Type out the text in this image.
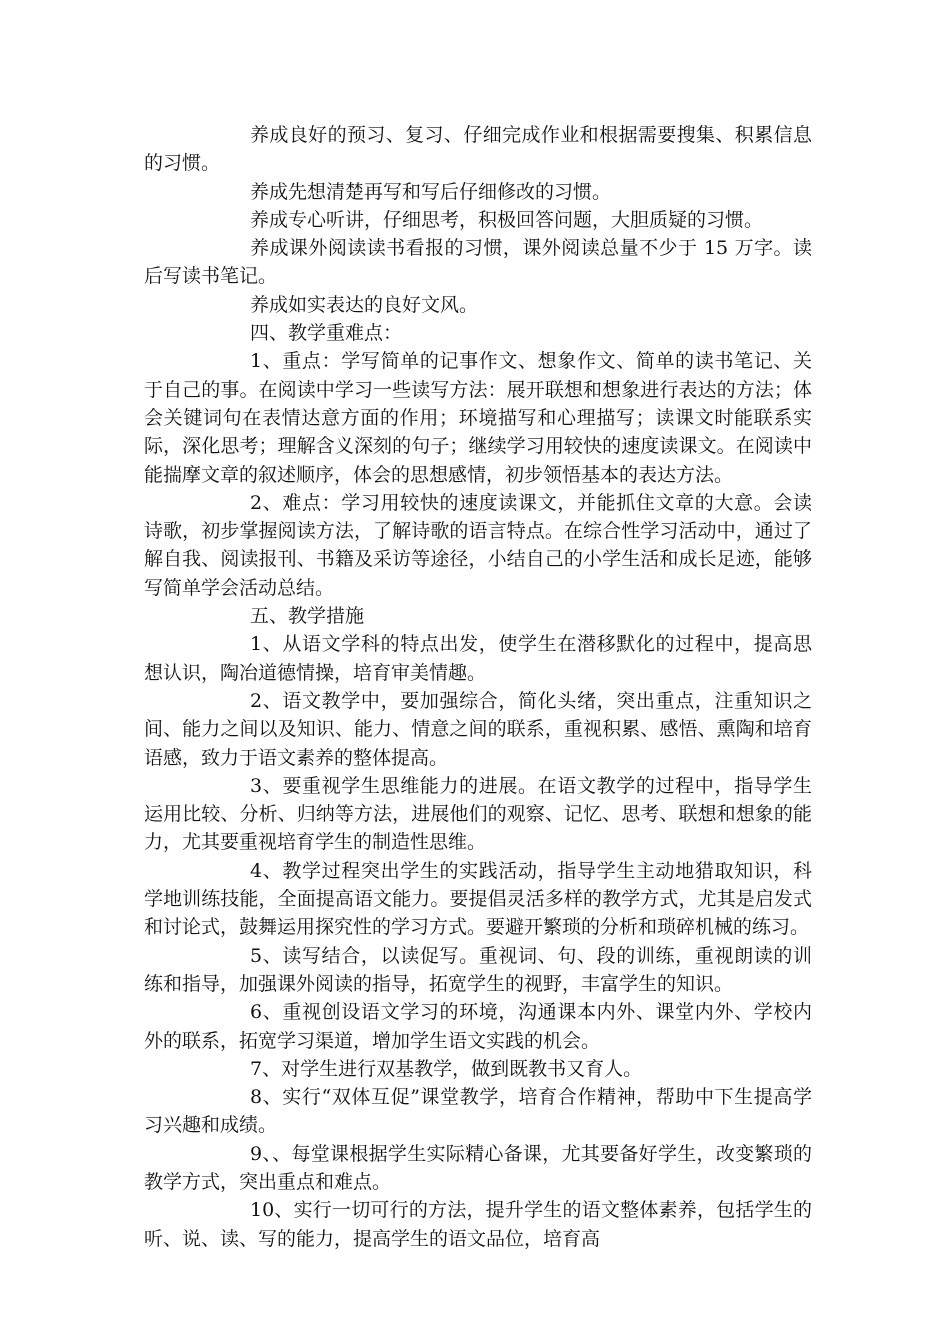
养成良好的预习、复习、仔细完成作业和根据需要搜集、积累信息的习惯。

养成先想清楚再写和写后仔细修改的习惯。

养成专心听讲，仔细思考，积极回答问题，大胆质疑的习惯。

养成课外阅读读书看报的习惯，课外阅读总量不少于 15 万字。读后写读书笔记。

养成如实表达的良好文风。

四、教学重难点：

1、重点：学写简单的记事作文、想象作文、简单的读书笔记、关于自己的事。在阅读中学习一些读写方法：展开联想和想象进行表达的方法；体会关键词句在表情达意方面的作用；环境描写和心理描写；读课文时能联系实际，深化思考；理解含义深刻的句子；继续学习用较快的速度读课文。在阅读中能揣摩文章的叙述顺序，体会的思想感情，初步领悟基本的表达方法。

2、难点：学习用较快的速度读课文，并能抓住文章的大意。会读诗歌，初步掌握阅读方法，了解诗歌的语言特点。在综合性学习活动中，通过了解自我、阅读报刊、书籍及采访等途径，小结自己的小学生活和成长足迹，能够写简单学会活动总结。

五、教学措施

1、从语文学科的特点出发，使学生在潜移默化的过程中，提高思想认识，陶冶道德情操，培育审美情趣。

2、语文教学中，要加强综合，简化头绪，突出重点，注重知识之间、能力之间以及知识、能力、情意之间的联系，重视积累、感悟、熏陶和培育语感，致力于语文素养的整体提高。

3、要重视学生思维能力的进展。在语文教学的过程中，指导学生运用比较、分析、归纳等方法，进展他们的观察、记忆、思考、联想和想象的能力，尤其要重视培育学生的制造性思维。

4、教学过程突出学生的实践活动，指导学生主动地猎取知识，科学地训练技能，全面提高语文能力。要提倡灵活多样的教学方式，尤其是启发式和讨论式，鼓舞运用探究性的学习方式。要避开繁琐的分析和琐碎机械的练习。

5、读写结合，以读促写。重视词、句、段的训练，重视朗读的训练和指导，加强课外阅读的指导，拓宽学生的视野，丰富学生的知识。

6、重视创设语文学习的环境，沟通课本内外、课堂内外、学校内外的联系，拓宽学习渠道，增加学生语文实践的机会。

7、对学生进行双基教学，做到既教书又育人。

8、实行“双体互促”课堂教学，培育合作精神，帮助中下生提高学习兴趣和成绩。

9、、每堂课根据学生实际精心备课，尤其要备好学生，改变繁琐的教学方式，突出重点和难点。

10、实行一切可行的方法，提升学生的语文整体素养，包括学生的听、说、读、写的能力，提高学生的语文品位，培育高
